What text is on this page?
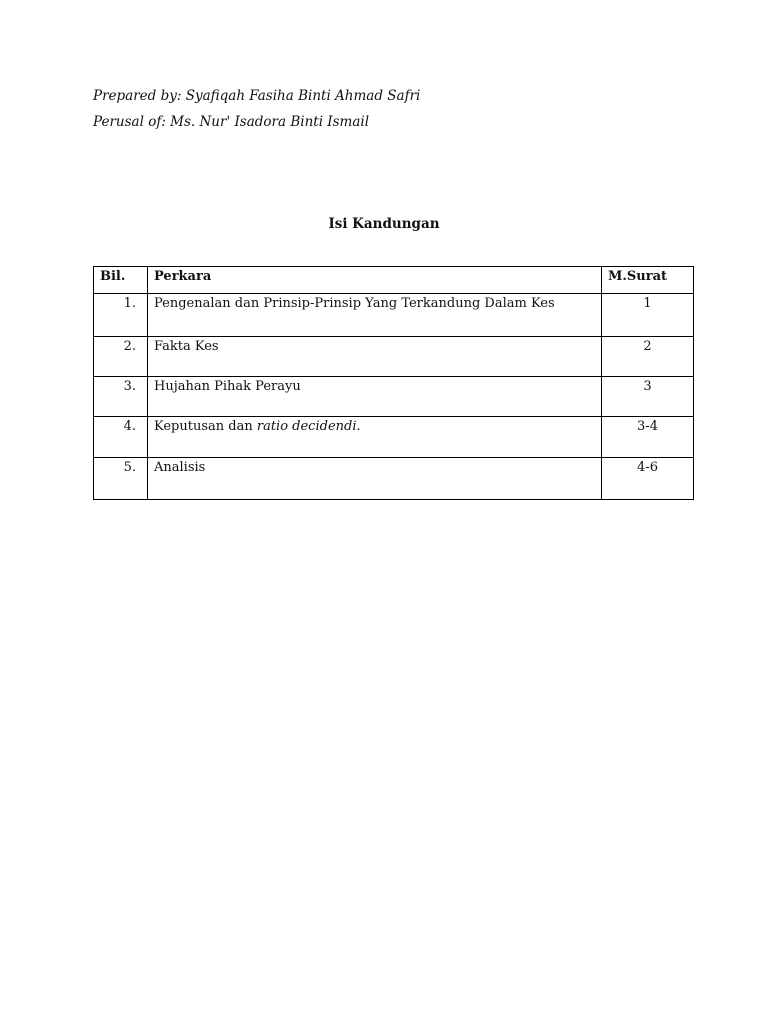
Prepared by: Syafiqah Fasiha Binti Ahmad Safri
Perusal of: Ms. Nur' Isadora Binti Ismail
Isi Kandungan
Bil.	Perkara	M.Surat
1.	Pengenalan dan Prinsip-Prinsip Yang Terkandung Dalam Kes	1
2.	Fakta Kes	2
3.	Hujahan Pihak Perayu	3
4.	Keputusan dan ratio decidendi.	3-4
5.	Analisis	4-6
